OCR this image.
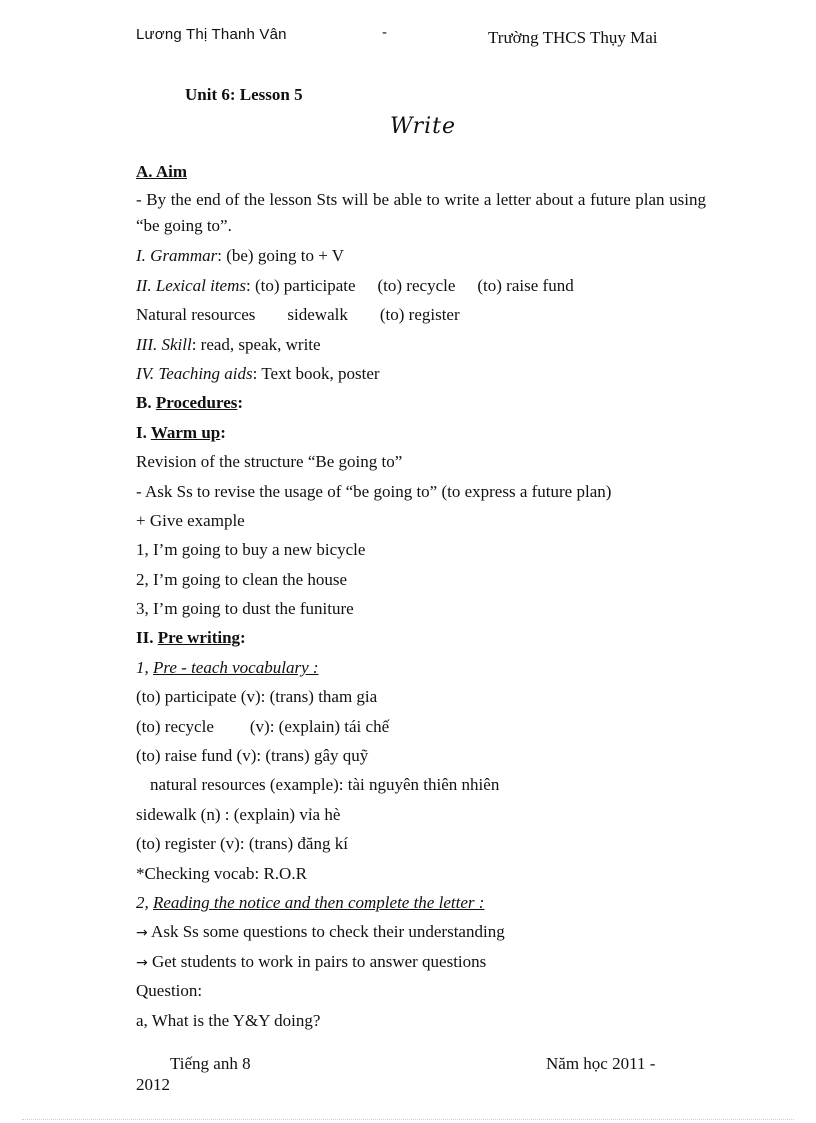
Lương Thị Thanh Vân	-	Trường THCS Thụy Mai
Unit 6: Lesson 5
Write
A. Aim
- By the end of the lesson Sts will be able to write a letter about a future plan using “be going to”.
I. Grammar: (be) going to + V
II. Lexical items: (to) participate (to) recycle (to) raise fund
Natural resources sidewalk (to) register
III. Skill: read, speak, write
IV. Teaching aids: Text book, poster
B. Procedures:
I. Warm up:
Revision of the structure “Be going to”
- Ask Ss to revise the usage of “be going to” (to express a future plan)
+ Give example
1, I’m going to buy a new bicycle
2, I’m going to clean the house
3, I’m going to dust the funiture
II. Pre writing:
1, Pre - teach vocabulary :
(to) participate (v): (trans) tham gia
(to) recycle (v): (explain) tái chế
(to) raise fund (v): (trans) gây quỹ
natural resources (example): tài nguyên thiên nhiên
sidewalk (n) : (explain) vỉa hè
(to) register (v): (trans) đăng kí
*Checking vocab: R.O.R
2, Reading the notice and then complete the letter :
→ Ask Ss some questions to check their understanding
→ Get students to work in pairs to answer questions
Question:
a, What is the Y&Y doing?
Tiếng anh 8	Năm học 2011 -
2012
